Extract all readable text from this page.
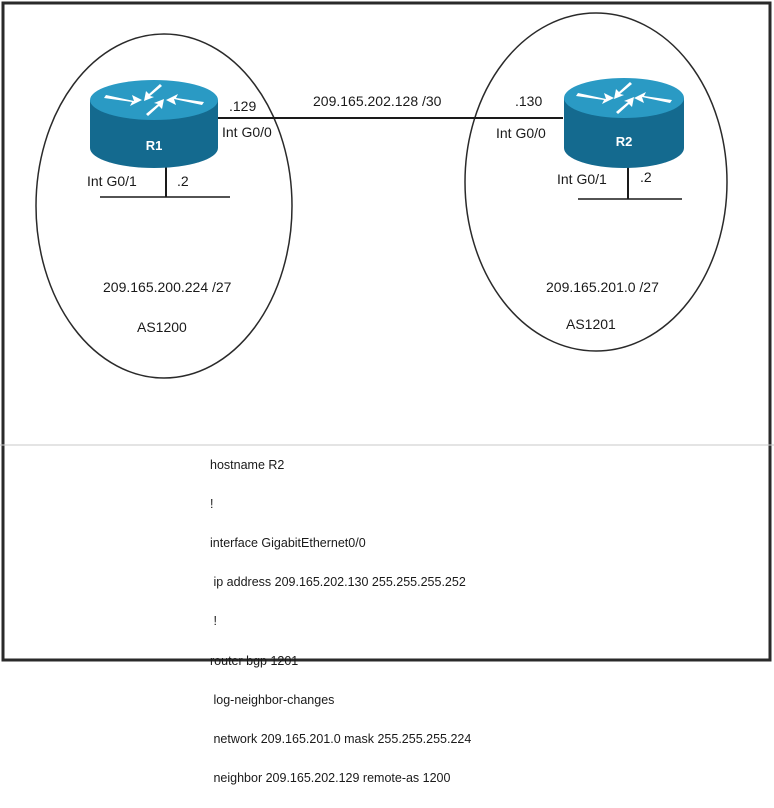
R1	R2
.129
Int G0/0
209.165.202.128 /30	.130
Int G0/0
Int G0/1	.2	Int G0/1 .2
209.165.200.224 /27
AS1200
209.165.201.0 /27
AS1201

hostname R2

!

interface GigabitEthernet0/0

ip address 209.165.202.130 255.255.255.252

!

router bgp 1201

log-neighbor-changes

network 209.165.201.0 mask 255.255.255.224

neighbor 209.165.202.129 remote-as 1200
